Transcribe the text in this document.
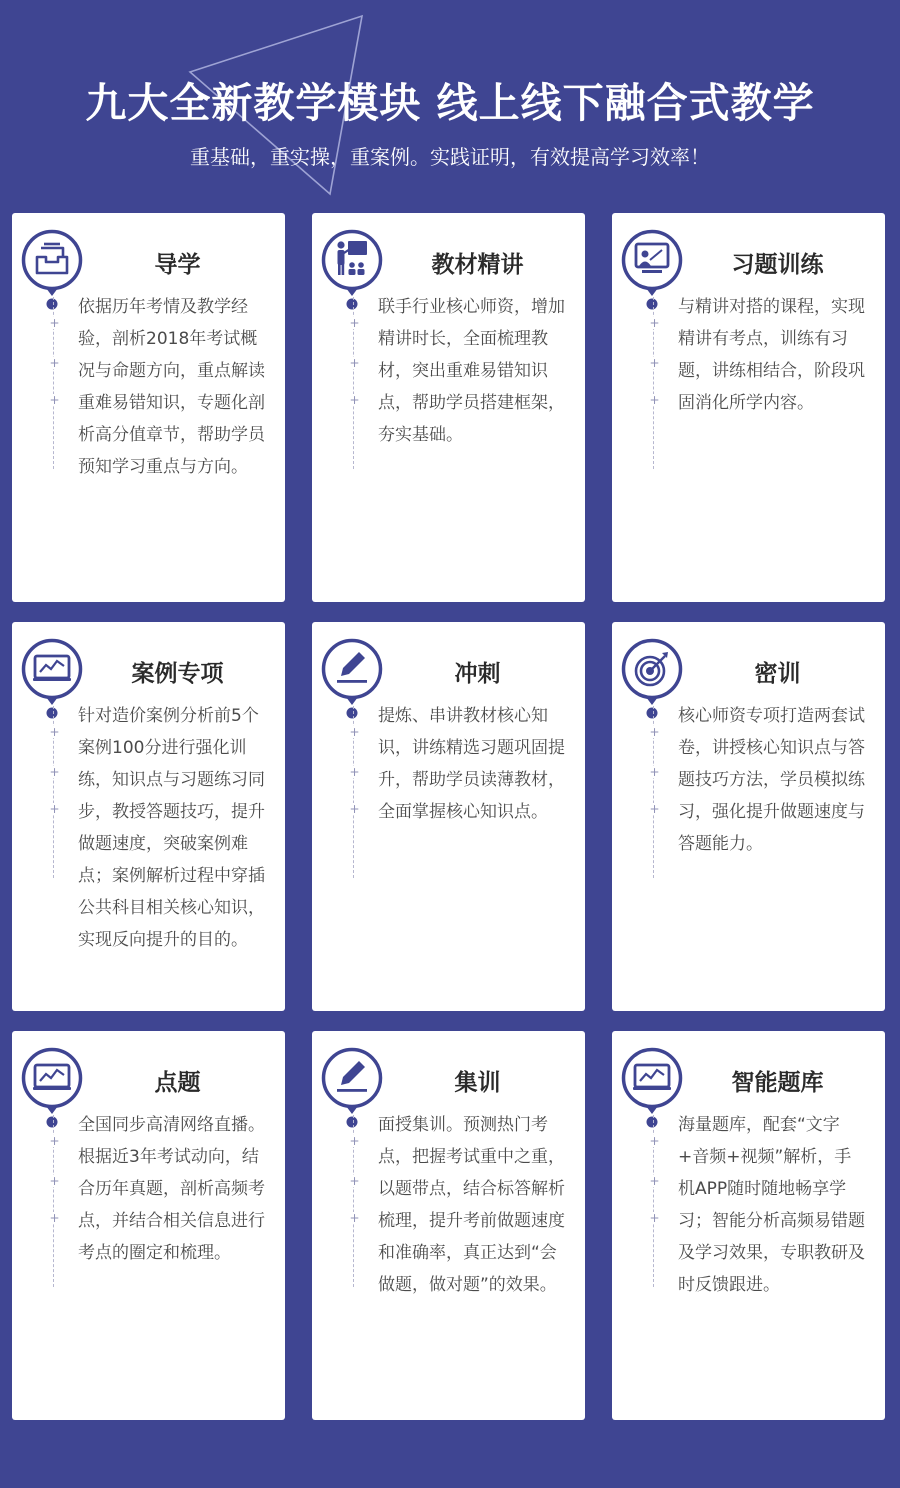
九大全新教学模块 线上线下融合式教学

重基础，重实操，重案例。实践证明，有效提高学习效率！

导学
+
+
+

依据历年考情及教学经验，剖析2018年考试概况与命题方向，重点解读重难易错知识，专题化剖析高分值章节，帮助学员预知学习重点与方向。

教材精讲
+
+
+

联手行业核心师资，增加精讲时长，全面梳理教材，突出重难易错知识点，帮助学员搭建框架，夯实基础。

习题训练
+
+
+

与精讲对搭的课程，实现精讲有考点，训练有习题，讲练相结合，阶段巩固消化所学内容。

案例专项
+
+
+

针对造价案例分析前5个案例100分进行强化训练，知识点与习题练习同步，教授答题技巧，提升做题速度，突破案例难点；案例解析过程中穿插公共科目相关核心知识，实现反向提升的目的。

冲刺
+
+
+

提炼、串讲教材核心知识，讲练精选习题巩固提升，帮助学员读薄教材，全面掌握核心知识点。

密训
+
+
+

核心师资专项打造两套试卷，讲授核心知识点与答题技巧方法，学员模拟练习，强化提升做题速度与答题能力。

点题
+
+
+

全国同步高清网络直播。根据近3年考试动向，结合历年真题，剖析高频考点，并结合相关信息进行考点的圈定和梳理。

集训
+
+
+

面授集训。预测热门考点，把握考试重中之重，以题带点，结合标答解析梳理，提升考前做题速度和准确率，真正达到“会做题，做对题”的效果。

智能题库
+
+
+

海量题库，配套“文字+音频+视频”解析，手机APP随时随地畅享学习；智能分析高频易错题及学习效果，专职教研及时反馈跟进。
